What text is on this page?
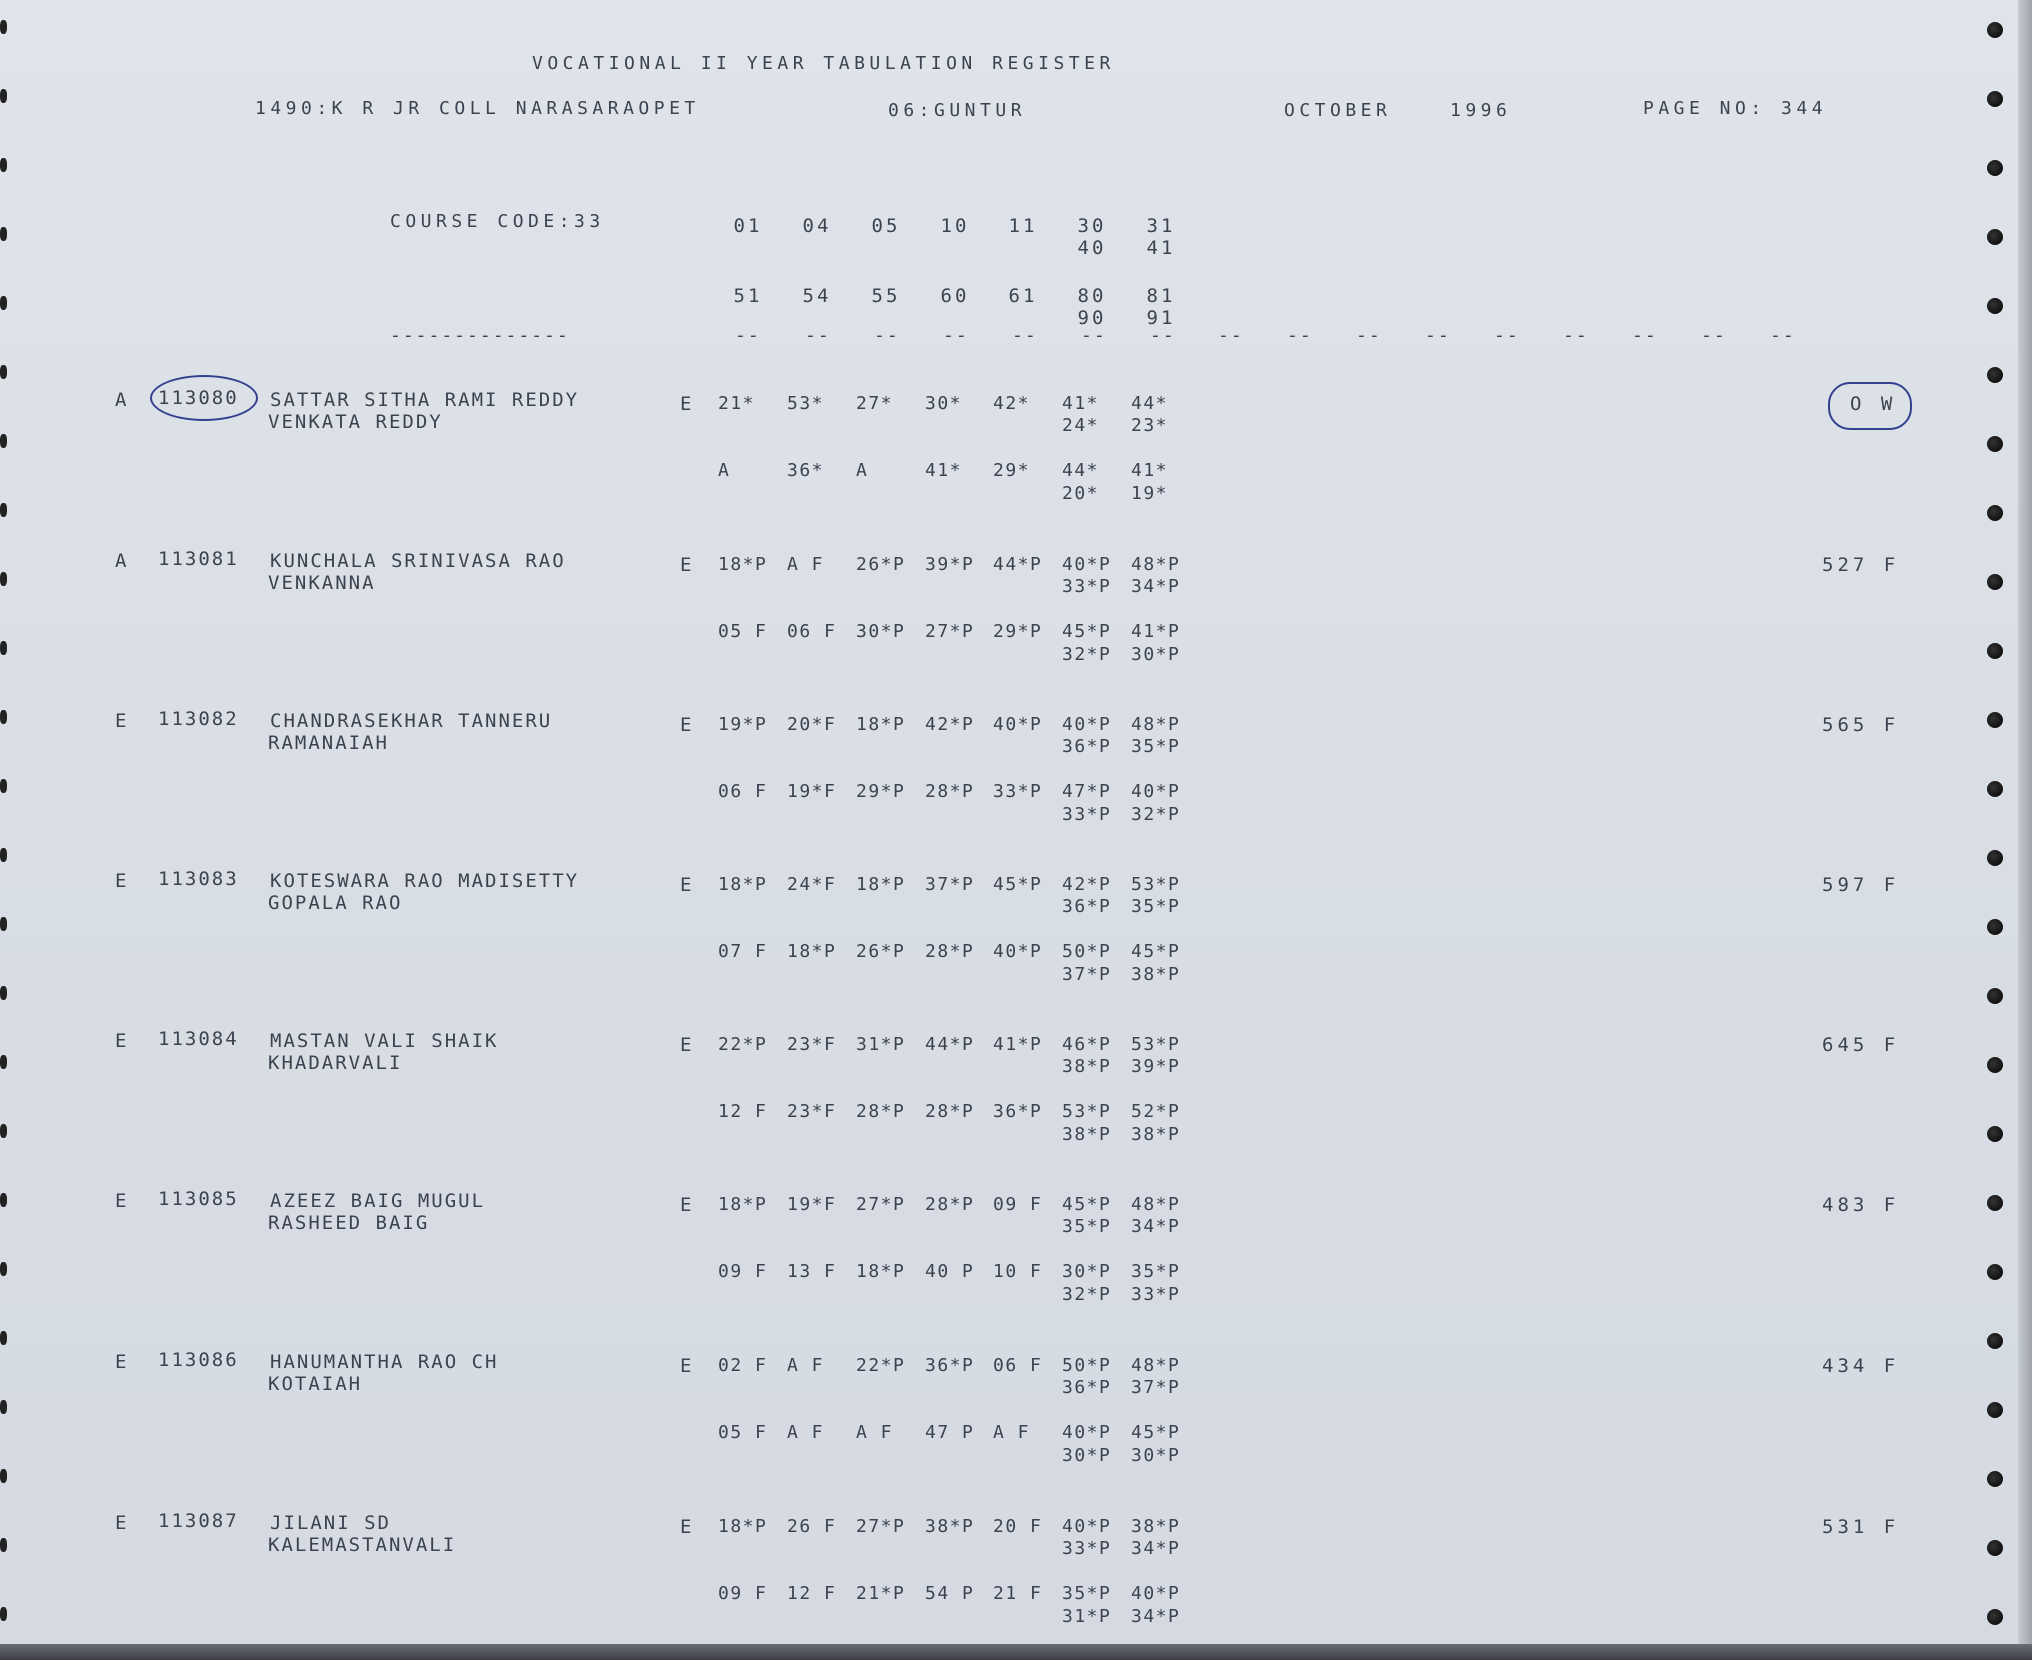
VOCATIONAL II YEAR TABULATION REGISTER
1490:K R JR COLL NARASARAOPET	06:GUNTUR	OCTOBER	1996	PAGE NO: 344
COURSE CODE:33
--------------
01	04	05	10	11	30	31
40	41
51	54	55	60	61	80	81
90	91
-- -- -- -- -- -- -- -- -- -- -- -- -- -- -- --
A 113080 SATTAR SITHA RAMI REDDY
VENKATA REDDY
E 21*	53*	27*	30*	42*	41*	44*
24*	23*
A	36*	A	41*	29*	44*	41*
20*	19*
O W
A 113081 KUNCHALA SRINIVASA RAO
VENKANNA
E 18*P	A F	26*P	39*P	44*P	40*P	48*P
33*P	34*P
05 F	06 F	30*P	27*P	29*P	45*P	41*P
32*P	30*P
527 F
E 113082 CHANDRASEKHAR TANNERU
RAMANAIAH
E 19*P	20*F	18*P	42*P	40*P	40*P	48*P
36*P	35*P
06 F	19*F	29*P	28*P	33*P	47*P	40*P
33*P	32*P
565 F
E 113083 KOTESWARA RAO MADISETTY
GOPALA RAO
E 18*P	24*F	18*P	37*P	45*P	42*P	53*P
36*P	35*P
07 F	18*P	26*P	28*P	40*P	50*P	45*P
37*P	38*P
597 F
E 113084 MASTAN VALI SHAIK
KHADARVALI
E 22*P	23*F	31*P	44*P	41*P	46*P	53*P
38*P	39*P
12 F	23*F	28*P	28*P	36*P	53*P	52*P
38*P	38*P
645 F
E 113085 AZEEZ BAIG MUGUL
RASHEED BAIG
E 18*P	19*F	27*P	28*P	09 F	45*P	48*P
35*P	34*P
09 F	13 F	18*P	40 P	10 F	30*P	35*P
32*P	33*P
483 F
E 113086 HANUMANTHA RAO CH
KOTAIAH
E 02 F	A F	22*P	36*P	06 F	50*P	48*P
36*P	37*P
05 F	A F	A F	47 P	A F	40*P	45*P
30*P	30*P
434 F
E 113087 JILANI SD
KALEMASTANVALI
E 18*P	26 F	27*P	38*P	20 F	40*P	38*P
33*P	34*P
09 F	12 F	21*P	54 P	21 F	35*P	40*P
31*P	34*P
531 F
